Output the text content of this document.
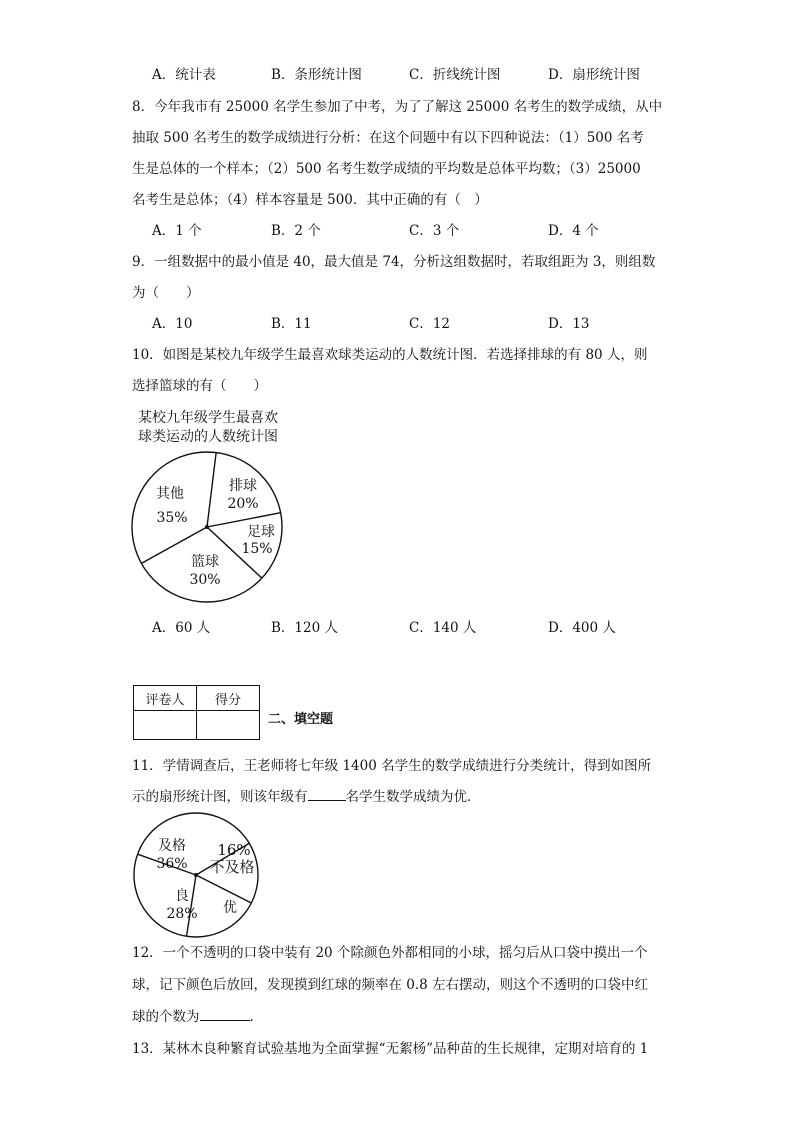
A．统计表	B．条形统计图	C．折线统计图	D．扇形统计图
8．今年我市有 25000 名学生参加了中考，为了了解这 25000 名考生的数学成绩，从中
抽取 500 名考生的数学成绩进行分析：在这个问题中有以下四种说法：（1）500 名考
生是总体的一个样本；（2）500 名考生数学成绩的平均数是总体平均数；（3）25000
名考生是总体；（4）样本容量是 500．其中正确的有（　）
A．1 个	B．2 个	C．3 个	D．4 个
9．一组数据中的最小值是 40，最大值是 74，分析这组数据时，若取组距为 3，则组数
为（　　）
A．10	B．11	C．12	D．13
10．如图是某校九年级学生最喜欢球类运动的人数统计图．若选择排球的有 80 人，则
选择篮球的有（　　）
某校九年级学生最喜欢
球类运动的人数统计图
排球
20%
足球
15%
篮球
30%
其他
35%
A．60 人	B．120 人	C．140 人	D．400 人
评卷人	得分

二、填空题
11．学情调查后，王老师将七年级 1400 名学生的数学成绩进行分类统计，得到如图所
示的扇形统计图，则该年级有	名学生数学成绩为优．
及格
36% 不及格
16%
优
良
28%
12．一个不透明的口袋中装有 20 个除颜色外都相同的小球，摇匀后从口袋中摸出一个
球，记下颜色后放回，发现摸到红球的频率在 0.8 左右摆动，则这个不透明的口袋中红
球的个数为	．
13．某林木良种繁育试验基地为全面掌握“无絮杨”品种苗的生长规律，定期对培育的 1
